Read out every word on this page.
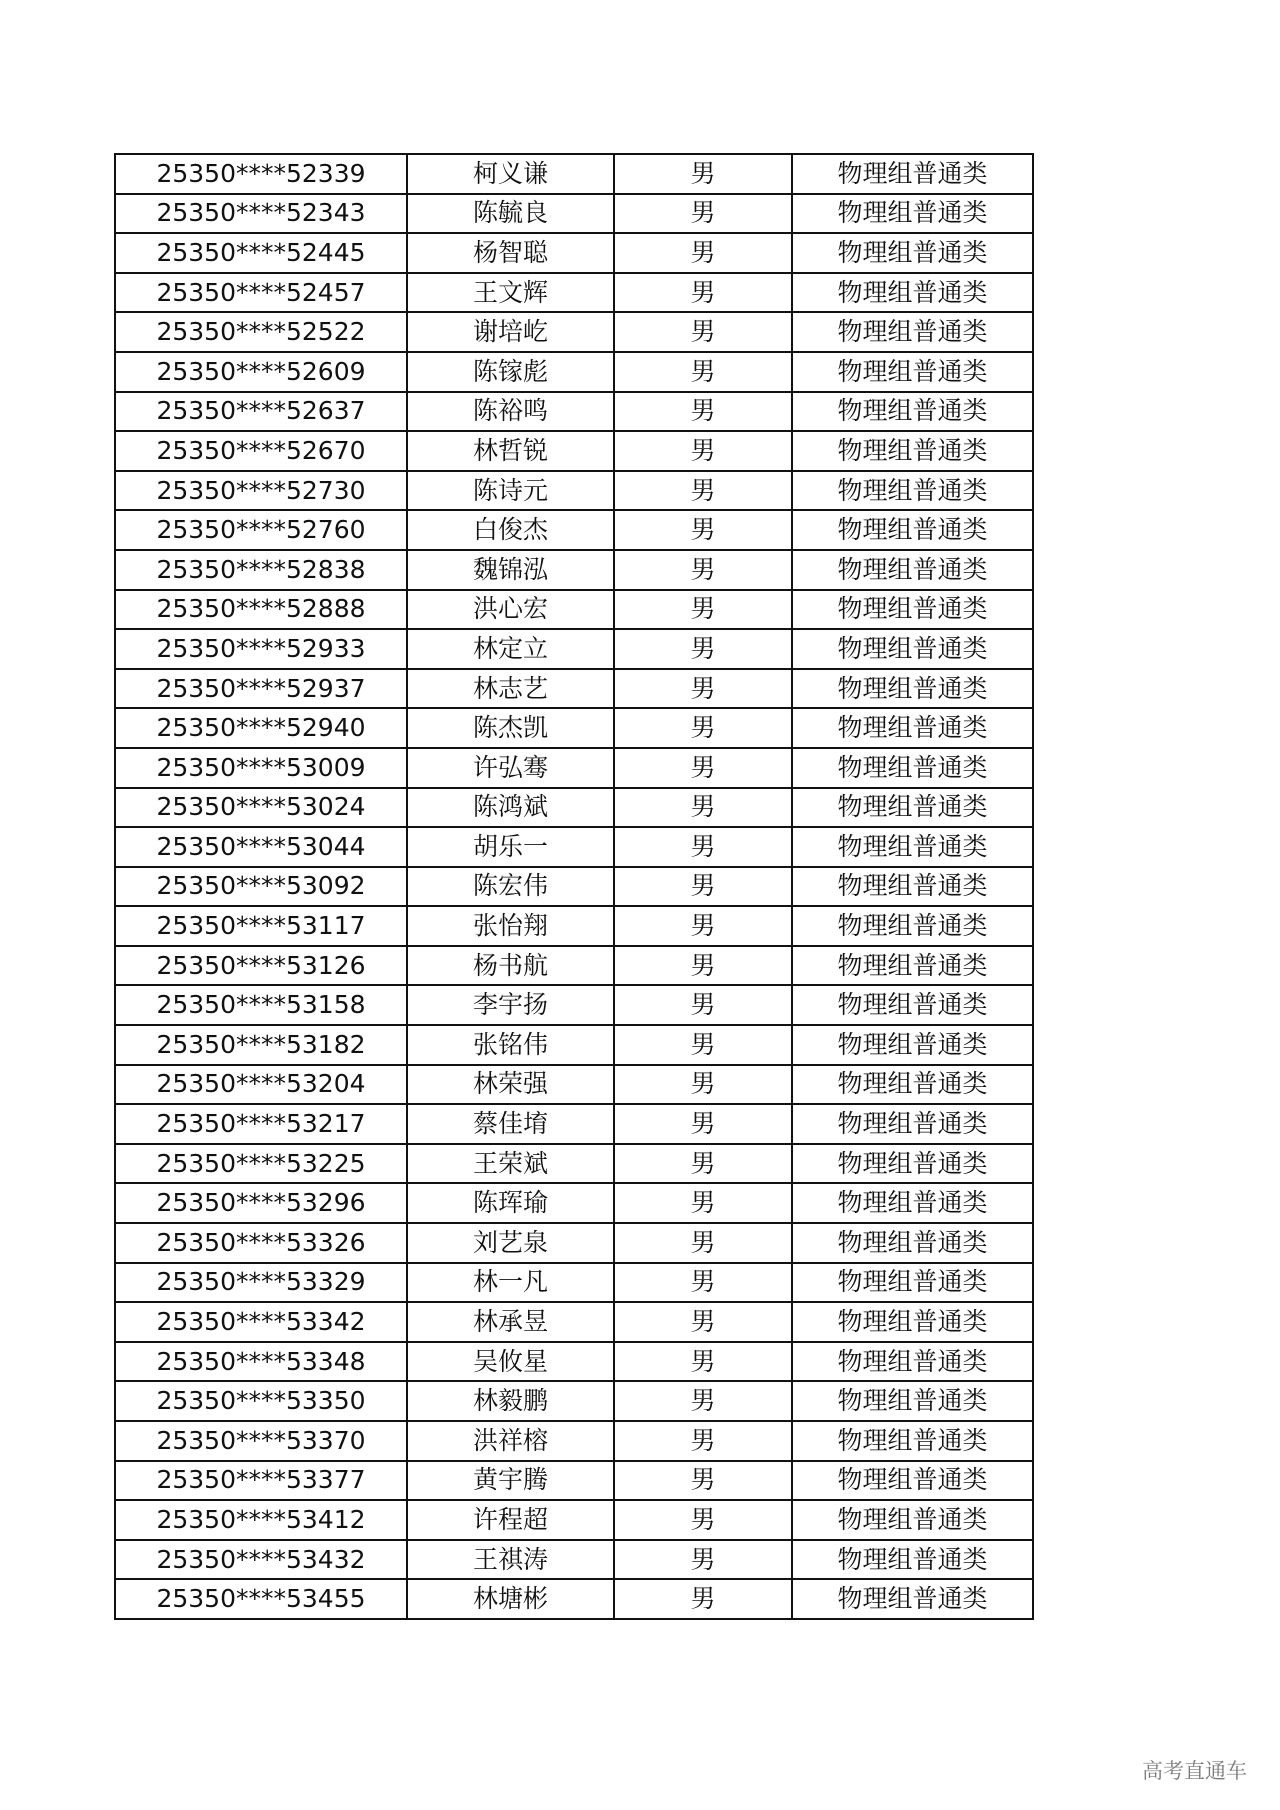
25350****52339	柯义谦	男	物理组普通类
25350****52343	陈毓良	男	物理组普通类
25350****52445	杨智聪	男	物理组普通类
25350****52457	王文辉	男	物理组普通类
25350****52522	谢培屹	男	物理组普通类
25350****52609	陈镓彪	男	物理组普通类
25350****52637	陈裕鸣	男	物理组普通类
25350****52670	林哲锐	男	物理组普通类
25350****52730	陈诗元	男	物理组普通类
25350****52760	白俊杰	男	物理组普通类
25350****52838	魏锦泓	男	物理组普通类
25350****52888	洪心宏	男	物理组普通类
25350****52933	林定立	男	物理组普通类
25350****52937	林志艺	男	物理组普通类
25350****52940	陈杰凯	男	物理组普通类
25350****53009	许弘骞	男	物理组普通类
25350****53024	陈鸿斌	男	物理组普通类
25350****53044	胡乐一	男	物理组普通类
25350****53092	陈宏伟	男	物理组普通类
25350****53117	张怡翔	男	物理组普通类
25350****53126	杨书航	男	物理组普通类
25350****53158	李宇扬	男	物理组普通类
25350****53182	张铭伟	男	物理组普通类
25350****53204	林荣强	男	物理组普通类
25350****53217	蔡佳堉	男	物理组普通类
25350****53225	王荣斌	男	物理组普通类
25350****53296	陈珲瑜	男	物理组普通类
25350****53326	刘艺泉	男	物理组普通类
25350****53329	林一凡	男	物理组普通类
25350****53342	林承昱	男	物理组普通类
25350****53348	吴攸星	男	物理组普通类
25350****53350	林毅鹏	男	物理组普通类
25350****53370	洪祥榕	男	物理组普通类
25350****53377	黄宇腾	男	物理组普通类
25350****53412	许程超	男	物理组普通类
25350****53432	王祺涛	男	物理组普通类
25350****53455	林塘彬	男	物理组普通类
高考直通车
